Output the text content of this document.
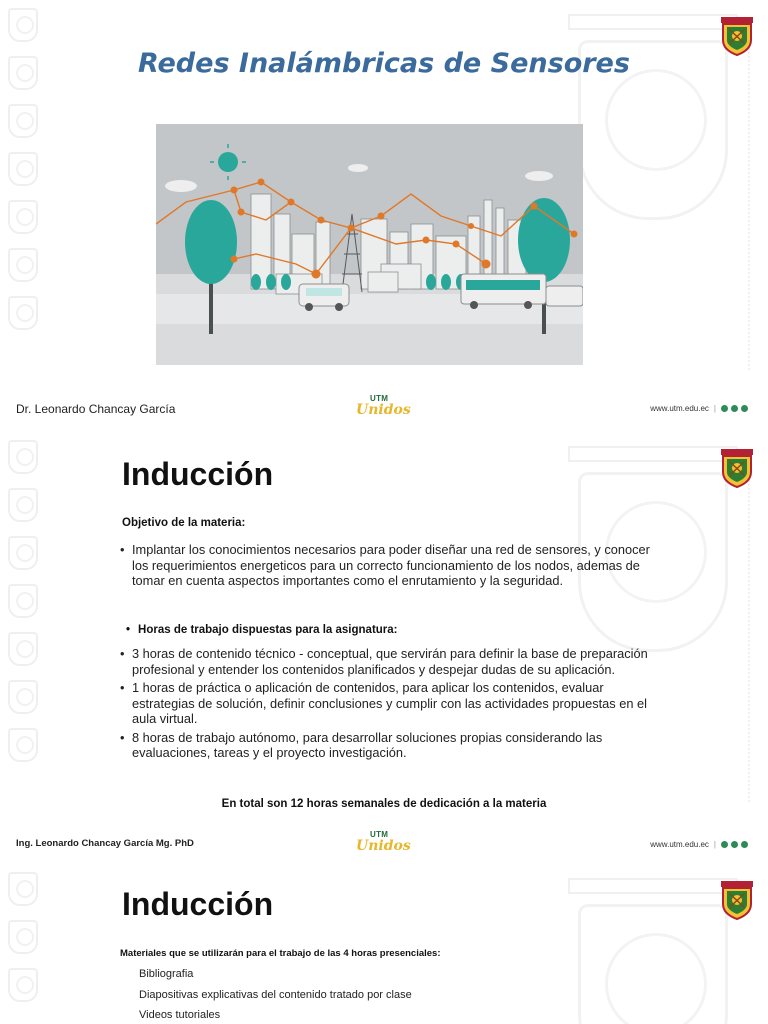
Redes Inalámbricas de Sensores
Dr. Leonardo Chancay García
UTM
Unidos	www.utm.edu.ec |
Inducción
Objetivo de la materia:
• Implantar los conocimientos necesarios para poder diseñar una red de sensores, y conocer los requerimientos energeticos para un correcto funcionamiento de los nodos, ademas de tomar en cuenta aspectos importantes como el enrutamiento y la seguridad.
• Horas de trabajo dispuestas para la asignatura:
• 3 horas de contenido técnico - conceptual, que servirán para definir la base de preparación profesional y entender los contenidos planificados y despejar dudas de su aplicación.
• 1 horas de práctica o aplicación de contenidos, para aplicar los contenidos, evaluar estrategias de solución, definir conclusiones y cumplir con las actividades propuestas en el aula virtual.
• 8 horas de trabajo autónomo, para desarrollar soluciones propias considerando las evaluaciones, tareas y el proyecto investigación.
En total son 12 horas semanales de dedicación a la materia
Ing. Leonardo Chancay García Mg. PhD
UTM
Unidos	www.utm.edu.ec |
Inducción
Materiales que se utilizarán para el trabajo de las 4 horas presenciales:
Bibliografia
Diapositivas explicativas del contenido tratado por clase
Videos tutoriales
